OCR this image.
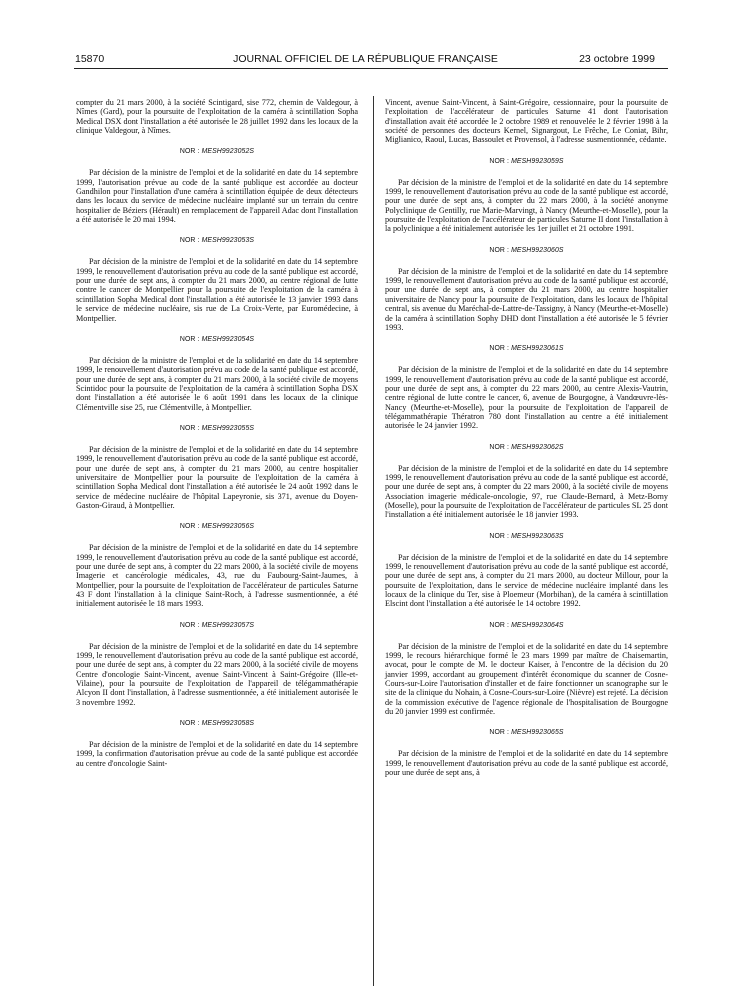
15870	JOURNAL OFFICIEL DE LA RÉPUBLIQUE FRANÇAISE	23 octobre 1999

compter du 21 mars 2000, à la société Scintigard, sise 772, chemin de Valdegour, à Nîmes (Gard), pour la poursuite de l'exploitation de la caméra à scintillation Sopha Medical DSX dont l'installation a été autorisée le 28 juillet 1992 dans les locaux de la clinique Valdegour, à Nîmes.

NOR : MESH9923052S

Par décision de la ministre de l'emploi et de la solidarité en date du 14 septembre 1999, l'autorisation prévue au code de la santé publique est accordée au docteur Gandhilon pour l'installation d'une caméra à scintillation équipée de deux détecteurs dans les locaux du service de médecine nucléaire implanté sur un terrain du centre hospitalier de Béziers (Hérault) en remplacement de l'appareil Adac dont l'installation a été autorisée le 20 mai 1994.

NOR : MESH9923053S

Par décision de la ministre de l'emploi et de la solidarité en date du 14 septembre 1999, le renouvellement d'autorisation prévu au code de la santé publique est accordé, pour une durée de sept ans, à compter du 21 mars 2000, au centre régional de lutte contre le cancer de Montpellier pour la poursuite de l'exploitation de la caméra à scintillation Sopha Medical dont l'installation a été autorisée le 13 janvier 1993 dans le service de médecine nucléaire, sis rue de La Croix-Verte, par Euromédecine, à Montpellier.

NOR : MESH9923054S

Par décision de la ministre de l'emploi et de la solidarité en date du 14 septembre 1999, le renouvellement d'autorisation prévu au code de la santé publique est accordé, pour une durée de sept ans, à compter du 21 mars 2000, à la société civile de moyens Scintidoc pour la poursuite de l'exploitation de la caméra à scintillation Sopha DSX dont l'installation a été autorisée le 6 août 1991 dans les locaux de la clinique Clémentville sise 25, rue Clémentville, à Montpellier.

NOR : MESH9923055S

Par décision de la ministre de l'emploi et de la solidarité en date du 14 septembre 1999, le renouvellement d'autorisation prévu au code de la santé publique est accordé, pour une durée de sept ans, à compter du 21 mars 2000, au centre hospitalier universitaire de Montpellier pour la poursuite de l'exploitation de la caméra à scintillation Sopha Medical dont l'installation a été autorisée le 24 août 1992 dans le service de médecine nucléaire de l'hôpital Lapeyronie, sis 371, avenue du Doyen-Gaston-Giraud, à Montpellier.

NOR : MESH9923056S

Par décision de la ministre de l'emploi et de la solidarité en date du 14 septembre 1999, le renouvellement d'autorisation prévu au code de la santé publique est accordé, pour une durée de sept ans, à compter du 22 mars 2000, à la société civile de moyens Imagerie et cancérologie médicales, 43, rue du Faubourg-Saint-Jaumes, à Montpellier, pour la poursuite de l'exploitation de l'accélérateur de particules Saturne 43 F dont l'installation à la clinique Saint-Roch, à l'adresse susmentionnée, a été initialement autorisée le 18 mars 1993.

NOR : MESH9923057S

Par décision de la ministre de l'emploi et de la solidarité en date du 14 septembre 1999, le renouvellement d'autorisation prévu au code de la santé publique est accordé, pour une durée de sept ans, à compter du 22 mars 2000, à la société civile de moyens Centre d'oncologie Saint-Vincent, avenue Saint-Vincent à Saint-Grégoire (Ille-et-Vilaine), pour la poursuite de l'exploitation de l'appareil de télégammathérapie Alcyon II dont l'installation, à l'adresse susmentionnée, a été initialement autorisée le 3 novembre 1992.

NOR : MESH9923058S

Par décision de la ministre de l'emploi et de la solidarité en date du 14 septembre 1999, la confirmation d'autorisation prévue au code de la santé publique est accordée au centre d'oncologie Saint-

Vincent, avenue Saint-Vincent, à Saint-Grégoire, cessionnaire, pour la poursuite de l'exploitation de l'accélérateur de particules Saturne 41 dont l'autorisation d'installation avait été accordée le 2 octobre 1989 et renouvelée le 2 février 1998 à la société de personnes des docteurs Kernel, Signargout, Le Frêche, Le Coniat, Bihr, Miglianico, Raoul, Lucas, Bassoulet et Provensol, à l'adresse susmentionnée, cédante.

NOR : MESH9923059S

Par décision de la ministre de l'emploi et de la solidarité en date du 14 septembre 1999, le renouvellement d'autorisation prévu au code de la santé publique est accordé, pour une durée de sept ans, à compter du 22 mars 2000, à la société anonyme Polyclinique de Gentilly, rue Marie-Marvingt, à Nancy (Meurthe-et-Moselle), pour la poursuite de l'exploitation de l'accélérateur de particules Saturne II dont l'installation à la polyclinique a été initialement autorisée les 1er juillet et 21 octobre 1991.

NOR : MESH9923060S

Par décision de la ministre de l'emploi et de la solidarité en date du 14 septembre 1999, le renouvellement d'autorisation prévu au code de la santé publique est accordé, pour une durée de sept ans, à compter du 21 mars 2000, au centre hospitalier universitaire de Nancy pour la poursuite de l'exploitation, dans les locaux de l'hôpital central, sis avenue du Maréchal-de-Lattre-de-Tassigny, à Nancy (Meurthe-et-Moselle) de la caméra à scintillation Sophy DHD dont l'installation a été autorisée le 5 février 1993.

NOR : MESH9923061S

Par décision de la ministre de l'emploi et de la solidarité en date du 14 septembre 1999, le renouvellement d'autorisation prévu au code de la santé publique est accordé, pour une durée de sept ans, à compter du 22 mars 2000, au centre Alexis-Vautrin, centre régional de lutte contre le cancer, 6, avenue de Bourgogne, à Vandœuvre-lès-Nancy (Meurthe-et-Moselle), pour la poursuite de l'exploitation de l'appareil de télégammathérapie Thératron 780 dont l'installation au centre a été initialement autorisée le 24 janvier 1992.

NOR : MESH9923062S

Par décision de la ministre de l'emploi et de la solidarité en date du 14 septembre 1999, le renouvellement d'autorisation prévu au code de la santé publique est accordé, pour une durée de sept ans, à compter du 22 mars 2000, à la société civile de moyens Association imagerie médicale-oncologie, 97, rue Claude-Bernard, à Metz-Borny (Moselle), pour la poursuite de l'exploitation de l'accélérateur de particules SL 25 dont l'installation a été initialement autorisée le 18 janvier 1993.

NOR : MESH9923063S

Par décision de la ministre de l'emploi et de la solidarité en date du 14 septembre 1999, le renouvellement d'autorisation prévu au code de la santé publique est accordé, pour une durée de sept ans, à compter du 21 mars 2000, au docteur Millour, pour la poursuite de l'exploitation, dans le service de médecine nucléaire implanté dans les locaux de la clinique du Ter, sise à Ploemeur (Morbihan), de la caméra à scintillation Elscint dont l'installation a été autorisée le 14 octobre 1992.

NOR : MESH9923064S

Par décision de la ministre de l'emploi et de la solidarité en date du 14 septembre 1999, le recours hiérarchique formé le 23 mars 1999 par maître de Chaisemartin, avocat, pour le compte de M. le docteur Kaiser, à l'encontre de la décision du 20 janvier 1999, accordant au groupement d'intérêt économique du scanner de Cosne-Cours-sur-Loire l'autorisation d'installer et de faire fonctionner un scanographe sur le site de la clinique du Nohain, à Cosne-Cours-sur-Loire (Nièvre) est rejeté. La décision de la commission exécutive de l'agence régionale de l'hospitalisation de Bourgogne du 20 janvier 1999 est confirmée.

NOR : MESH9923065S

Par décision de la ministre de l'emploi et de la solidarité en date du 14 septembre 1999, le renouvellement d'autorisation prévu au code de la santé publique est accordé, pour une durée de sept ans, à
